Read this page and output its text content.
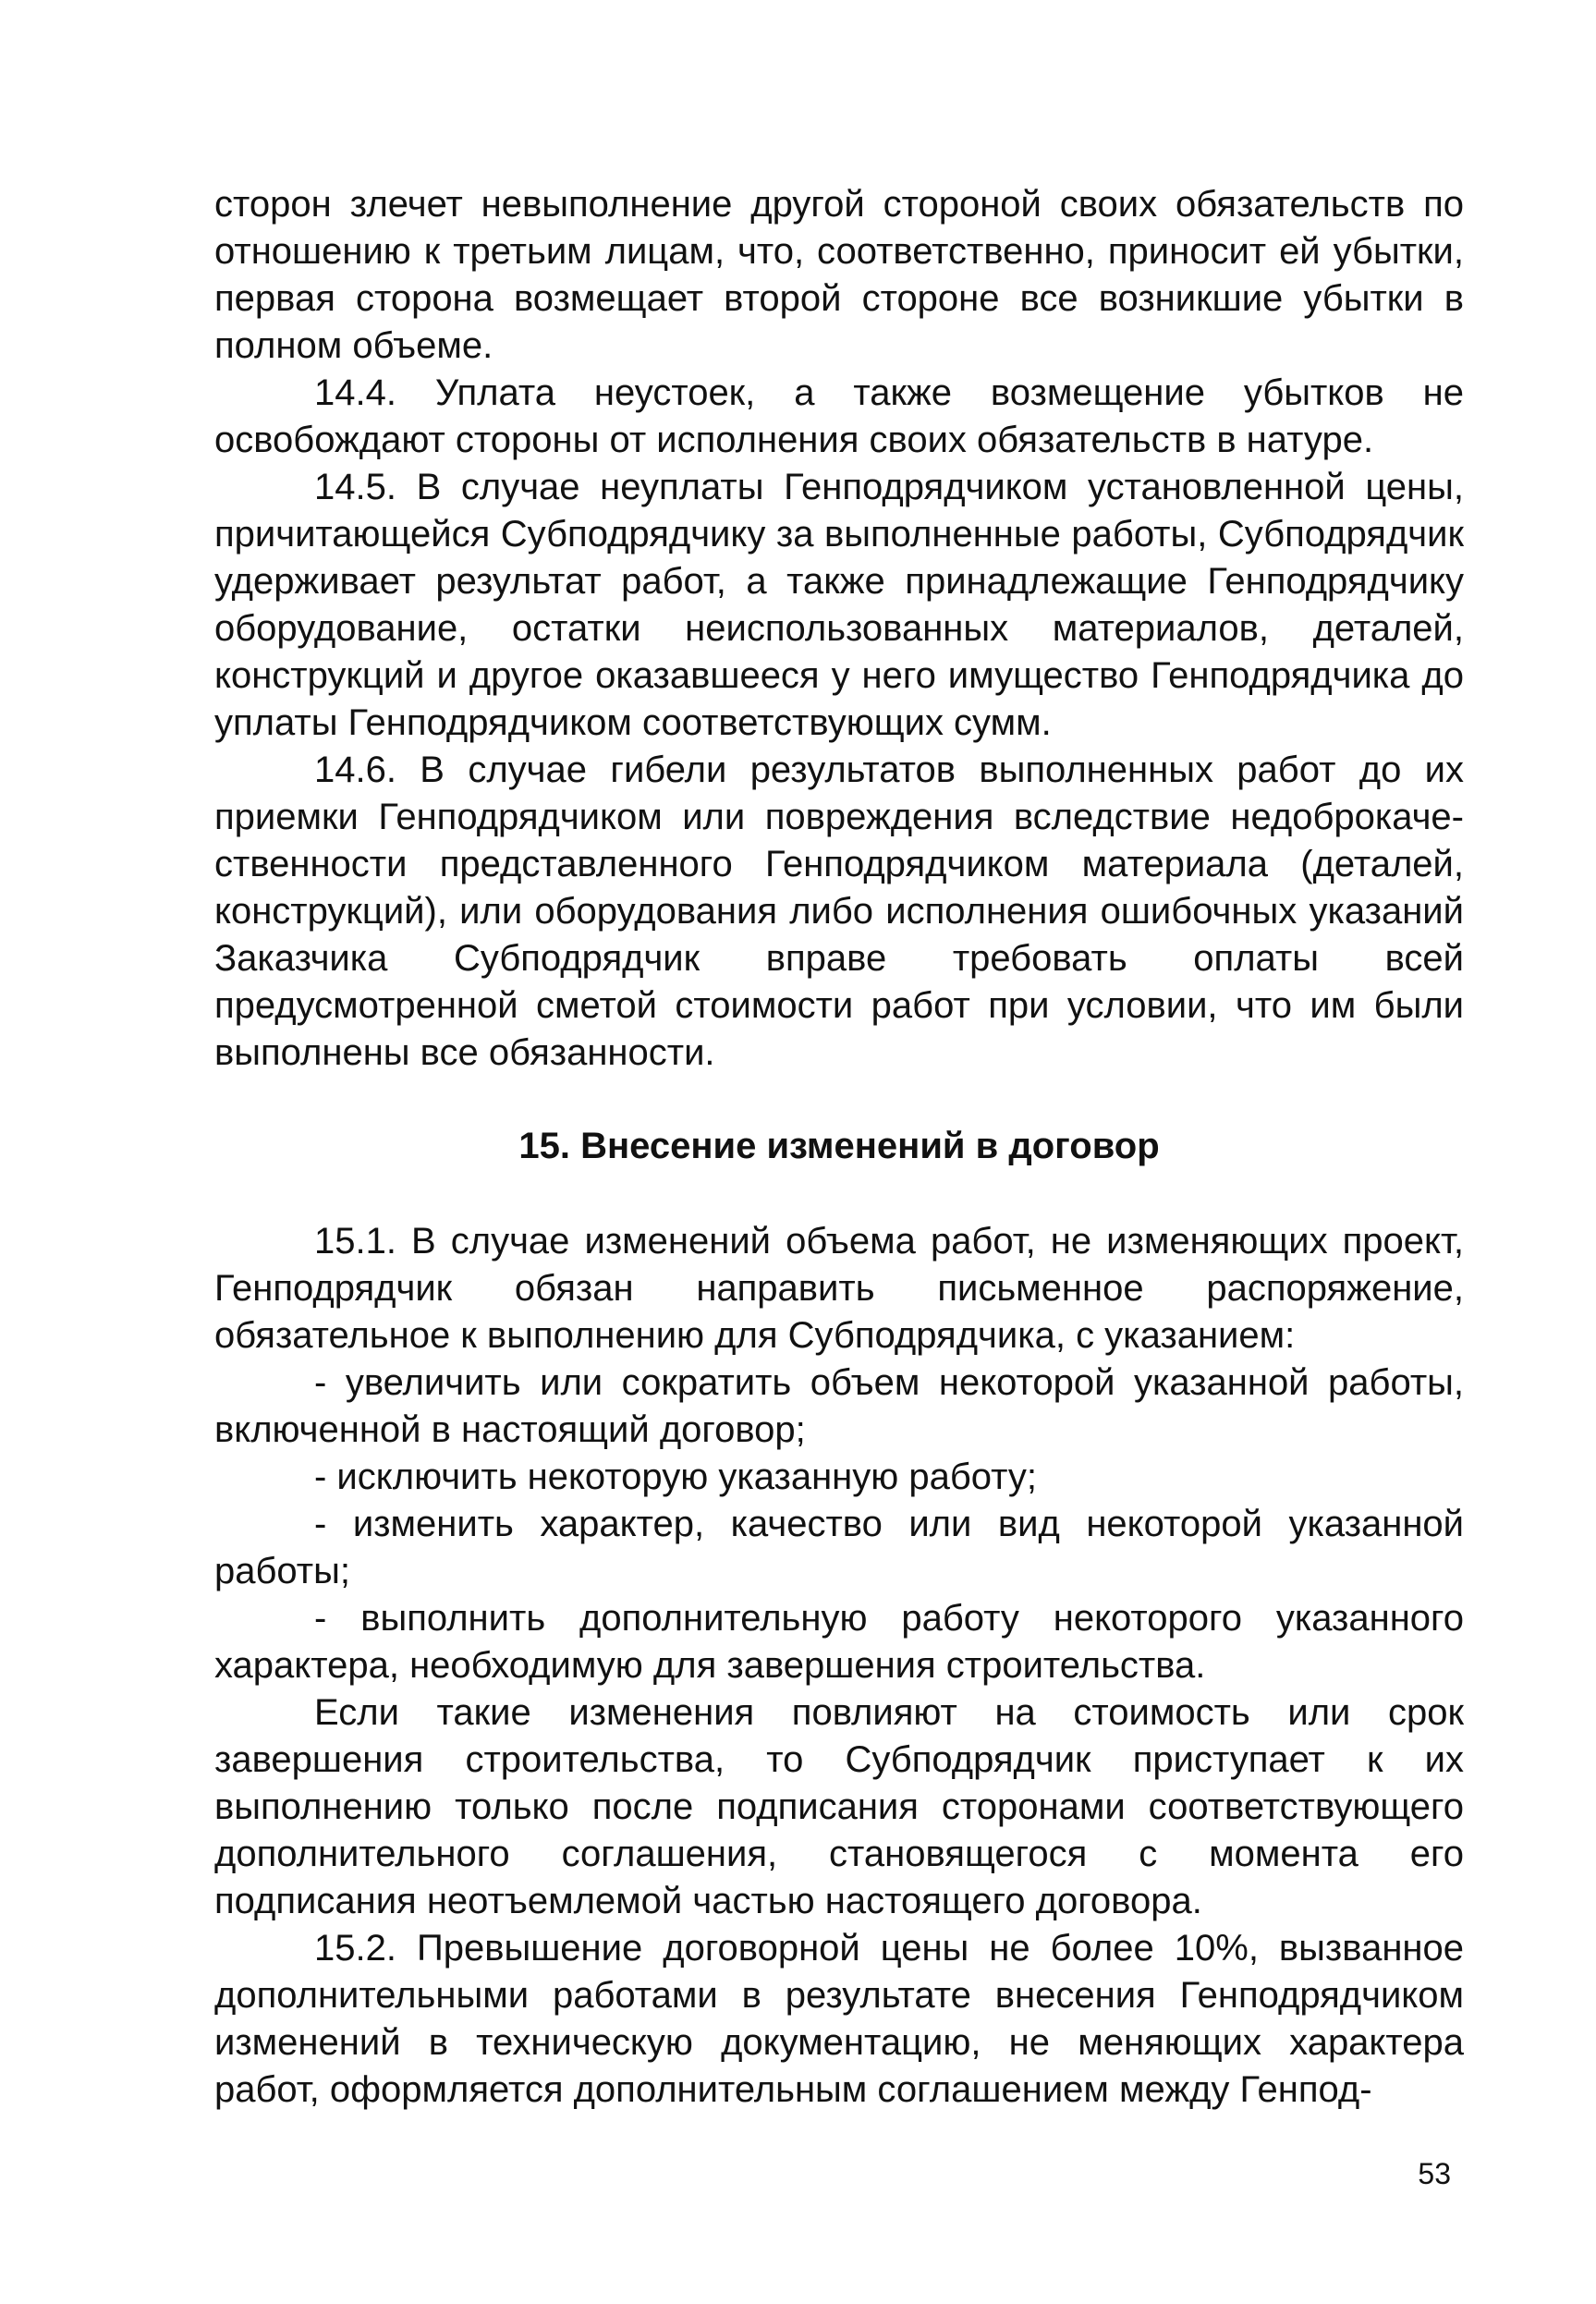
сторон злечет невыполнение другой стороной своих обязательств по отношению к третьим лицам, что, соответственно, приносит ей убытки, первая сторона возмещает второй стороне все возникшие убытки в полном объеме.

14.4. Уплата неустоек, а также возмещение убытков не освобождают стороны от исполнения своих обязательств в натуре.

14.5. В случае неуплаты Генподрядчиком установленной цены, причитающейся Субподрядчику за выполненные работы, Субподрядчик удерживает результат работ, а также принадлежащие Генподрядчику оборудование, остатки неиспользованных материалов, деталей, конструкций и другое оказавшееся у него имущество Генподрядчика до уплаты Генподрядчиком соответствующих сумм.

14.6. В случае гибели результатов выполненных работ до их приемки Генподрядчиком или повреждения вследствие недоброкаче-ственности представленного Генподрядчиком материала (деталей, конструкций), или оборудования либо исполнения ошибочных указаний Заказчика Субподрядчик вправе требовать оплаты всей предусмотренной сметой стоимости работ при условии, что им были выполнены все обязанности.

15. Внесение изменений в договор

15.1. В случае изменений объема работ, не изменяющих проект, Генподрядчик обязан направить письменное распоряжение, обязательное к выполнению для Субподрядчика, с указанием:

- увеличить или сократить объем некоторой указанной работы, включенной в настоящий договор;

- исключить некоторую указанную работу;

- изменить характер, качество или вид некоторой указанной работы;

- выполнить дополнительную работу некоторого указанного характера, необходимую для завершения строительства.

Если такие изменения повлияют на стоимость или срок завершения строительства, то Субподрядчик приступает к их выполнению только после подписания сторонами соответствующего дополнительного соглашения, становящегося с момента его подписания неотъемлемой частью настоящего договора.

15.2. Превышение договорной цены не более 10%, вызванное дополнительными работами в результате внесения Генподрядчиком изменений в техническую документацию, не меняющих характера работ, оформляется дополнительным соглашением между Генпод-

53
